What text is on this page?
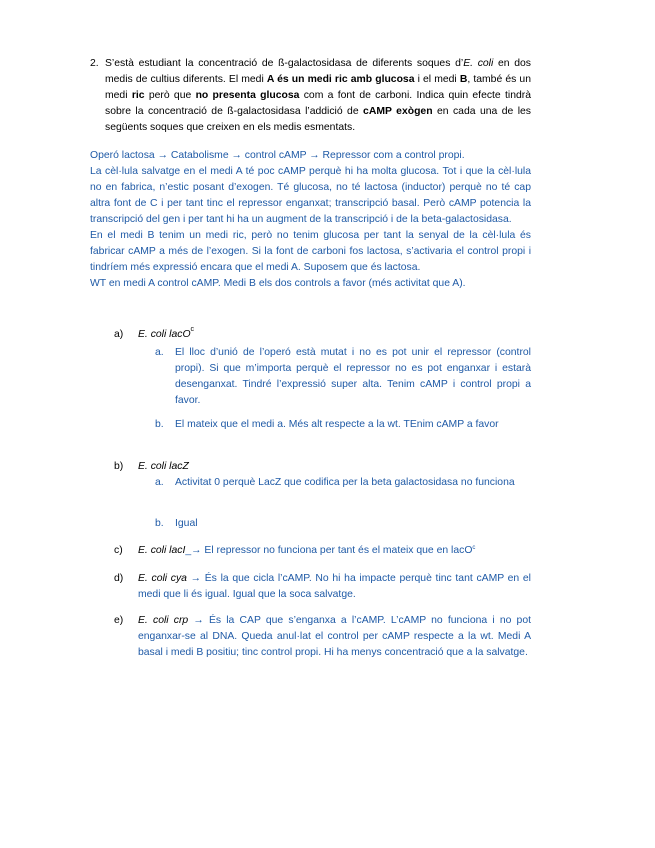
2. S’està estudiant la concentració de ß-galactosidasa de diferents soques d’E. coli en dos medis de cultius diferents. El medi A és un medi ric amb glucosa i el medi B, també és un medi ric però que no presenta glucosa com a font de carboni. Indica quin efecte tindrà sobre la concentració de ß-galactosidasa l’addició de cAMP exògen en cada una de les següents soques que creixen en els medis esmentats.

Operó lactosa → Catabolisme → control cAMP → Repressor com a control propi.

La cèl·lula salvatge en el medi A té poc cAMP perquè hi ha molta glucosa. Tot i que la cèl·lula no en fabrica, n’estic posant d’exogen. Té glucosa, no té lactosa (inductor) perquè no té cap altra font de C i per tant tinc el repressor enganxat; transcripció basal. Però cAMP potencia la transcripció del gen i per tant hi ha un augment de la transcripció i de la beta-galactosidasa.

En el medi B tenim un medi ric, però no tenim glucosa per tant la senyal de la cèl·lula és fabricar cAMP a més de l’exogen. Si la font de carboni fos lactosa, s’activaria el control propi i tindríem més expressió encara que el medi A. Suposem que és lactosa.

WT en medi A control cAMP. Medi B els dos controls a favor (més activitat que A).

a) E. coli lacO$^c$
a. El lloc d’unió de l’operó està mutat i no es pot unir el repressor (control propi). Si que m’importa perquè el repressor no es pot enganxar i estarà desenganxat. Tindré l’expressió super alta. Tenim cAMP i control propi a favor.
b. El mateix que el medi a. Més alt respecte a la wt. TEnim cAMP a favor
b) E. coli lacZ
a. Activitat 0 perquè LacZ que codifica per la beta galactosidasa no funciona
b. Igual
c) E. coli lacI_→ El repressor no funciona per tant és el mateix que en lacO$^c$
d) E. coli cya → És la que cicla l’cAMP. No hi ha impacte perquè tinc tant cAMP en el medi que li és igual. Igual que la soca salvatge.
e) E. coli crp → És la CAP que s’enganxa a l’cAMP. L’cAMP no funciona i no pot enganxar-se al DNA. Queda anul·lat el control per cAMP respecte a la wt. Medi A basal i medi B positiu; tinc control propi. Hi ha menys concentració que a la salvatge.
